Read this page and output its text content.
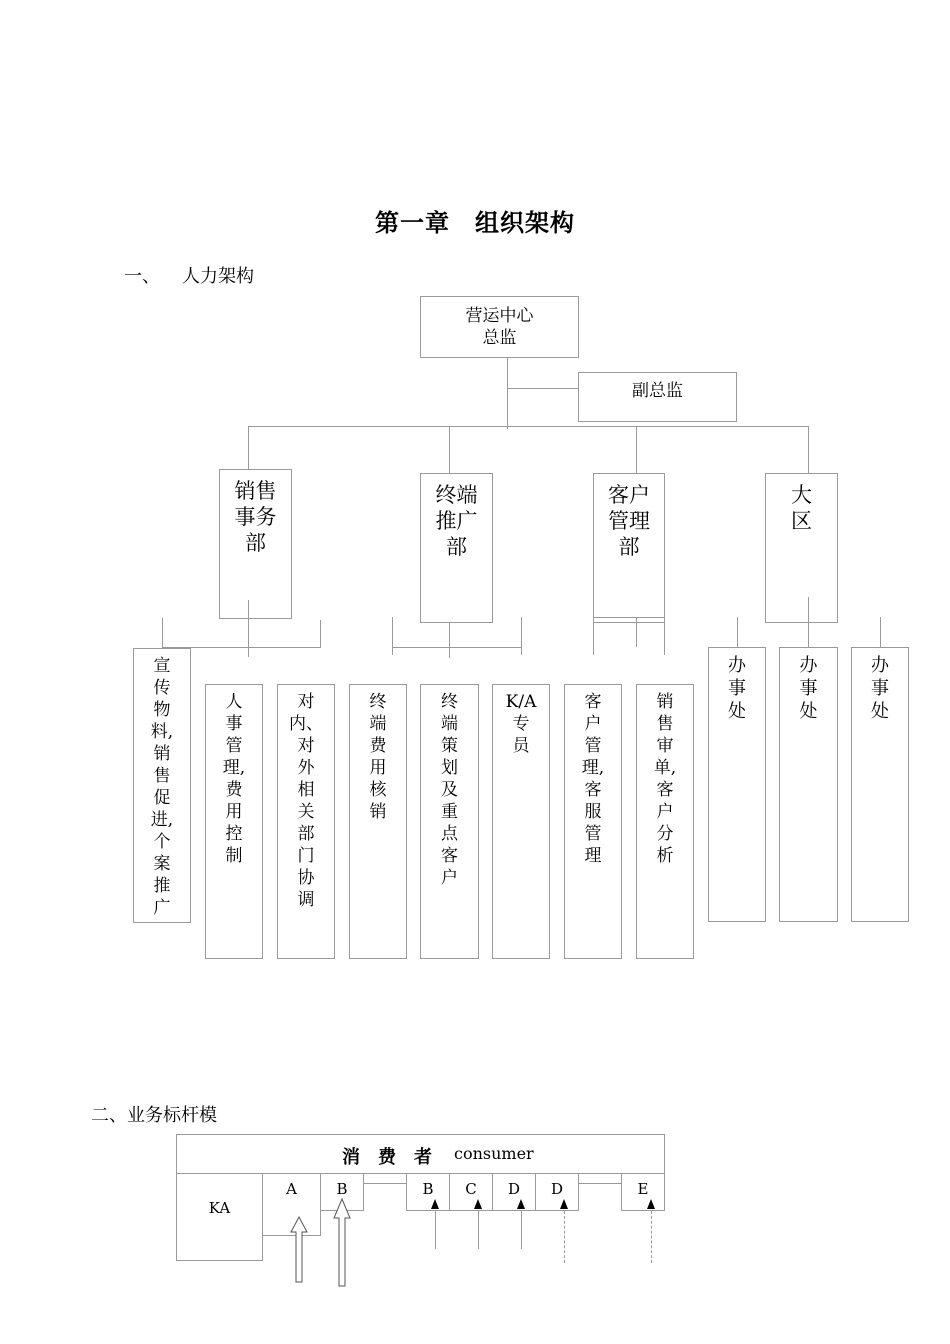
第一章　组织架构
一、 人力架构
营运中心
总监
副总监
销售
事务
部
终端
推广
部
客户
管理
部
大
区
宣
传
物
料,
销
售
促
进,
个
案
推
广
人
事
管
理,
费
用
控
制
对
内、
对
外
相
关
部
门
协
调
终
端
费
用
核
销
终
端
策
划
及
重
点
客
户
K/A
专
员
客
户
管
理,
客
服
管
理
销
售
审
单,
客
户
分
析
办
事
处
办
事
处
办
事
处
二、业务标杆模
消　费　者 consumer
KA
A	B	B	C	D	D	E
